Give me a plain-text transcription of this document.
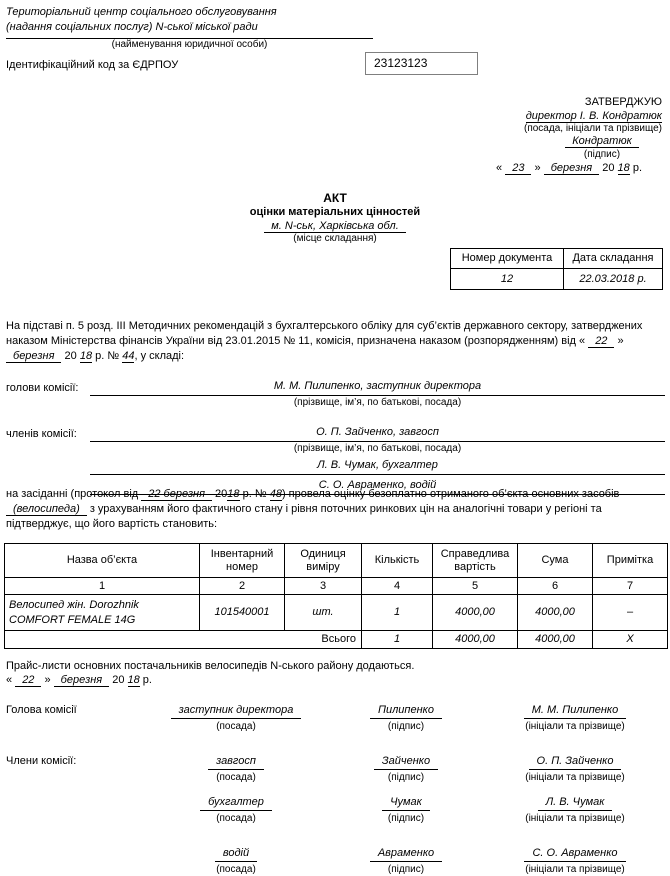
Територіальний центр соціального обслуговування
(надання соціальних послуг) N-ської міської ради
(найменування юридичної особи)
Ідентифікаційний код за ЄДРПОУ	23123123
ЗАТВЕРДЖУЮ
директор І. В. Кондратюк
(посада, ініціали та прізвище)
Кондратюк
(підпис)
« 23 » березня 20 18 р.
АКТ
оцінки матеріальних цінностей
м. N-ськ, Харківська обл.
(місце складання)
Номер документа	Дата складання
12	22.03.2018 р.
На підставі п. 5 розд. ІІІ Методичних рекомендацій з бухгалтерського обліку для суб’єктів державного сектору, затверджених наказом Міністерства фінансів України від 23.01.2015 № 11, комісія, призначена наказом (розпорядженням) від « 22 » березня 20 18 р. № 44, у складі:
голови комісії:	М. М. Пилипенко, заступник директора
(прізвище, ім’я, по батькові, посада)
членів комісії:	О. П. Зайченко, завгосп
(прізвище, ім’я, по батькові, посада)
Л. В. Чумак, бухгалтер
С. О. Авраменко, водій
на засіданні (протокол від 22 березня 2018 р. № 48) провела оцінку безоплатно отриманого об’єкта основних засобів (велосипеда) з урахуванням його фактичного стану і рівня поточних ринкових цін на аналогічні товари у регіоні та підтверджує, що його вартість становить:
Назва об’єкта	Інвентарний номер	Одиниця виміру	Кількість	Справедлива вартість	Сума	Примітка
1	2	3	4	5	6	7

Велосипед жін. Dorozhnik
COMFORT FEMALE 14G	101540001	шт.	1	4000,00	4000,00	–
Всього			1	4000,00	4000,00	X
Прайс-листи основних постачальників велосипедів N-ського району додаються.
« 22 » березня 20 18 р.
Голова комісії	заступник директора
(посада)
Пилипенко
(підпис)
М. М. Пилипенко
(ініціали та прізвище)
Члени комісії:	завгосп
(посада)
Зайченко
(підпис)
О. П. Зайченко
(ініціали та прізвище)
бухгалтер
(посада)
Чумак
(підпис)
Л. В. Чумак
(ініціали та прізвище)
водій
(посада)
Авраменко
(підпис)
С. О. Авраменко
(ініціали та прізвище)
